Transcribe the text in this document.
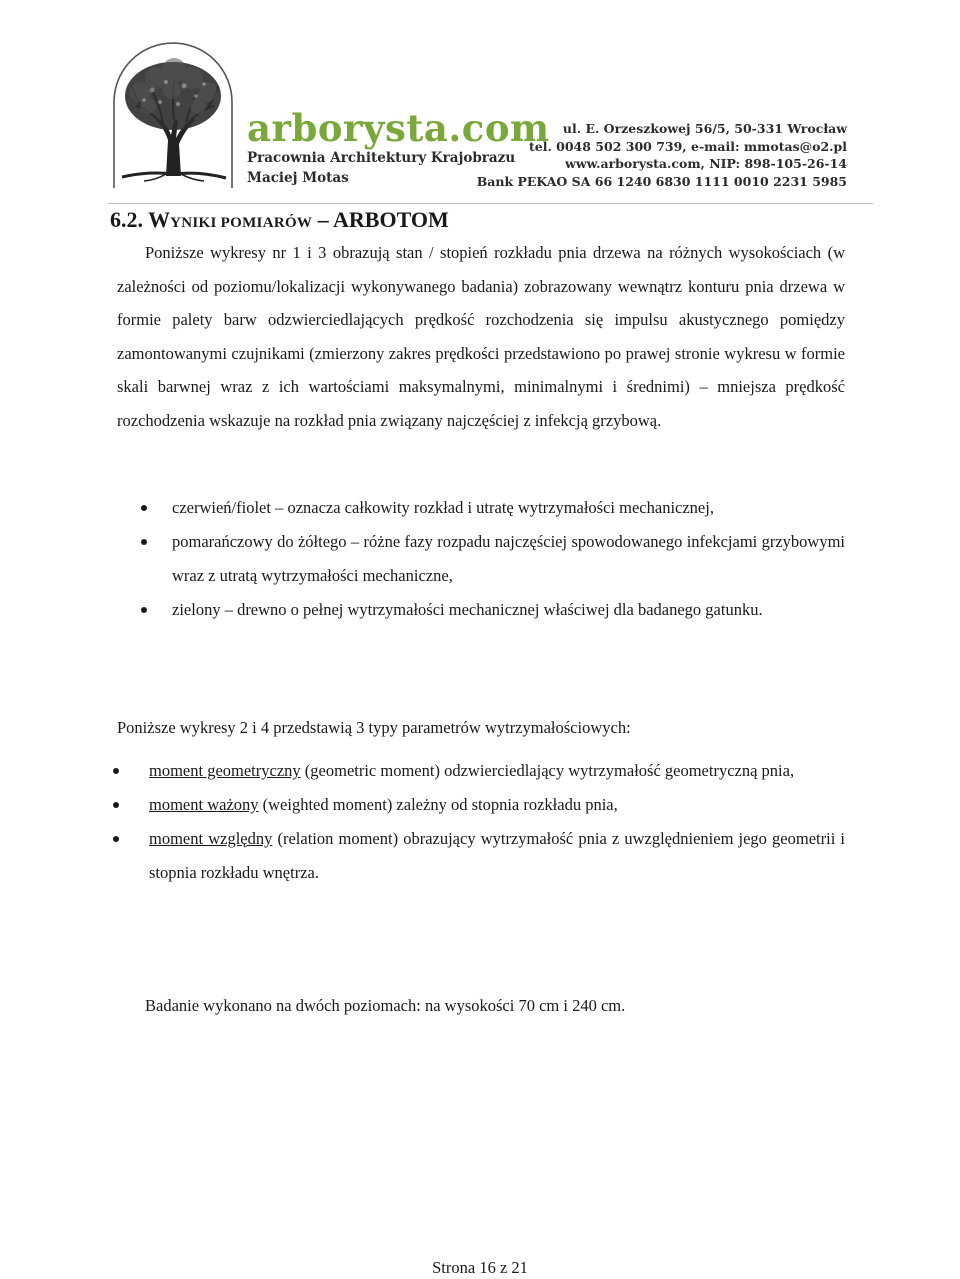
arborysta.com
Pracownia Architektury Krajobrazu
Maciej Motas
ul. E. Orzeszkowej 56/5, 50-331 Wrocław
tel. 0048 502 300 739, e-mail: mmotas@o2.pl
www.arborysta.com, NIP: 898-105-26-14
Bank PEKAO SA 66 1240 6830 1111 0010 2231 5985
6.2. WYNIKI POMIARÓW – ARBOTOM
Poniższe wykresy nr 1 i 3 obrazują stan / stopień rozkładu pnia drzewa na różnych wysokościach (w zależności od poziomu/lokalizacji wykonywanego badania) zobrazowany wewnątrz konturu pnia drzewa w formie palety barw odzwierciedlających prędkość rozchodzenia się impulsu akustycznego pomiędzy zamontowanymi czujnikami (zmierzony zakres prędkości przedstawiono po prawej stronie wykresu w formie skali barwnej wraz z ich wartościami maksymalnymi, minimalnymi i średnimi) – mniejsza prędkość rozchodzenia wskazuje na rozkład pnia związany najczęściej z infekcją grzybową.
czerwień/fiolet – oznacza całkowity rozkład i utratę wytrzymałości mechanicznej,
pomarańczowy do żółtego – różne fazy rozpadu najczęściej spowodowanego infekcjami grzybowymi wraz z utratą wytrzymałości mechaniczne,
zielony – drewno o pełnej wytrzymałości mechanicznej właściwej dla badanego gatunku.
Poniższe wykresy 2 i 4 przedstawią 3 typy parametrów wytrzymałościowych:
moment geometryczny (geometric moment) odzwierciedlający wytrzymałość geometryczną pnia,
moment ważony (weighted moment) zależny od stopnia rozkładu pnia,
moment względny (relation moment) obrazujący wytrzymałość pnia z uwzględnieniem jego geometrii i stopnia rozkładu wnętrza.
Badanie wykonano na dwóch poziomach: na wysokości 70 cm i 240 cm.
Strona 16 z 21
